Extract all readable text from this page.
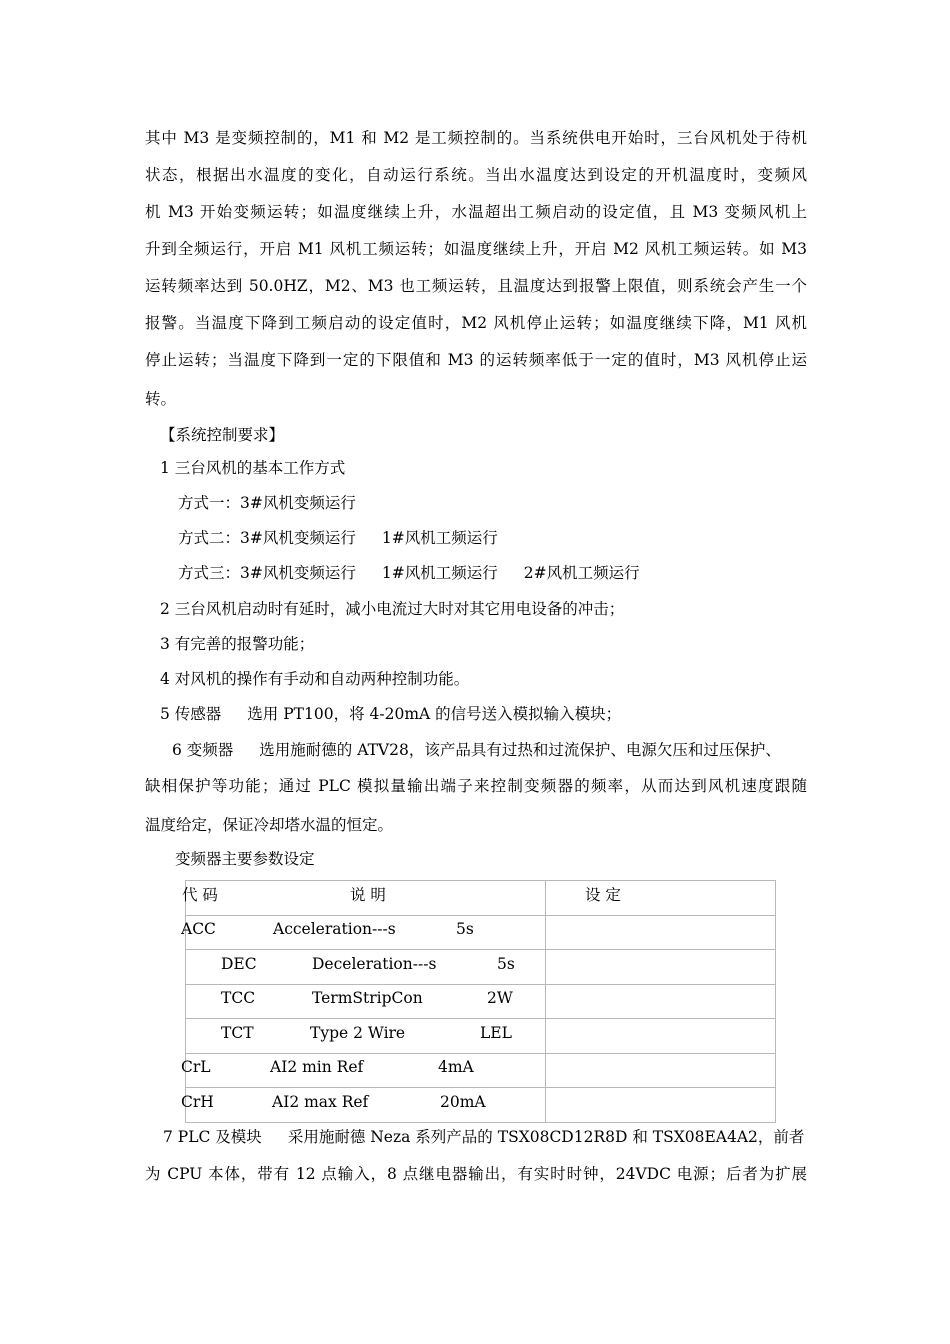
其中 M3 是变频控制的，M1 和 M2 是工频控制的。当系统供电开始时，三台风机处于待机
状态，根据出水温度的变化，自动运行系统。当出水温度达到设定的开机温度时，变频风
机 M3 开始变频运转；如温度继续上升，水温超出工频启动的设定值，且 M3 变频风机上
升到全频运行，开启 M1 风机工频运转；如温度继续上升，开启 M2 风机工频运转。如 M3
运转频率达到 50.0HZ，M2、M3 也工频运转，且温度达到报警上限值，则系统会产生一个
报警。当温度下降到工频启动的设定值时，M2 风机停止运转；如温度继续下降，M1 风机
停止运转；当温度下降到一定的下限值和 M3 的运转频率低于一定的值时，M3 风机停止运
转。
【系统控制要求】
1 三台风机的基本工作方式
方式一：3#风机变频运行
方式二：3#风机变频运行 1#风机工频运行
方式三：3#风机变频运行 1#风机工频运行 2#风机工频运行
2 三台风机启动时有延时，减小电流过大时对其它用电设备的冲击；
3 有完善的报警功能；
4 对风机的操作有手动和自动两种控制功能。
5 传感器 选用 PT100，将 4-20mA 的信号送入模拟输入模块；
6 变频器 选用施耐德的 ATV28，该产品具有过热和过流保护、电源欠压和过压保护、
缺相保护等功能；通过 PLC 模拟量输出端子来控制变频器的频率，从而达到风机速度跟随
温度给定，保证冷却塔水温的恒定。
变频器主要参数设定
代 码	说 明	设 定
ACC	Acceleration---s	5s
DEC	Deceleration---s	5s
TCC	TermStripCon	2W
TCT	Type 2 Wire	LEL
CrL	AI2 min Ref	4mA
CrH	AI2 max Ref	20mA
7 PLC 及模块 采用施耐德 Neza 系列产品的 TSX08CD12R8D 和 TSX08EA4A2，前者
为 CPU 本体，带有 12 点输入，8 点继电器输出，有实时时钟，24VDC 电源；后者为扩展
